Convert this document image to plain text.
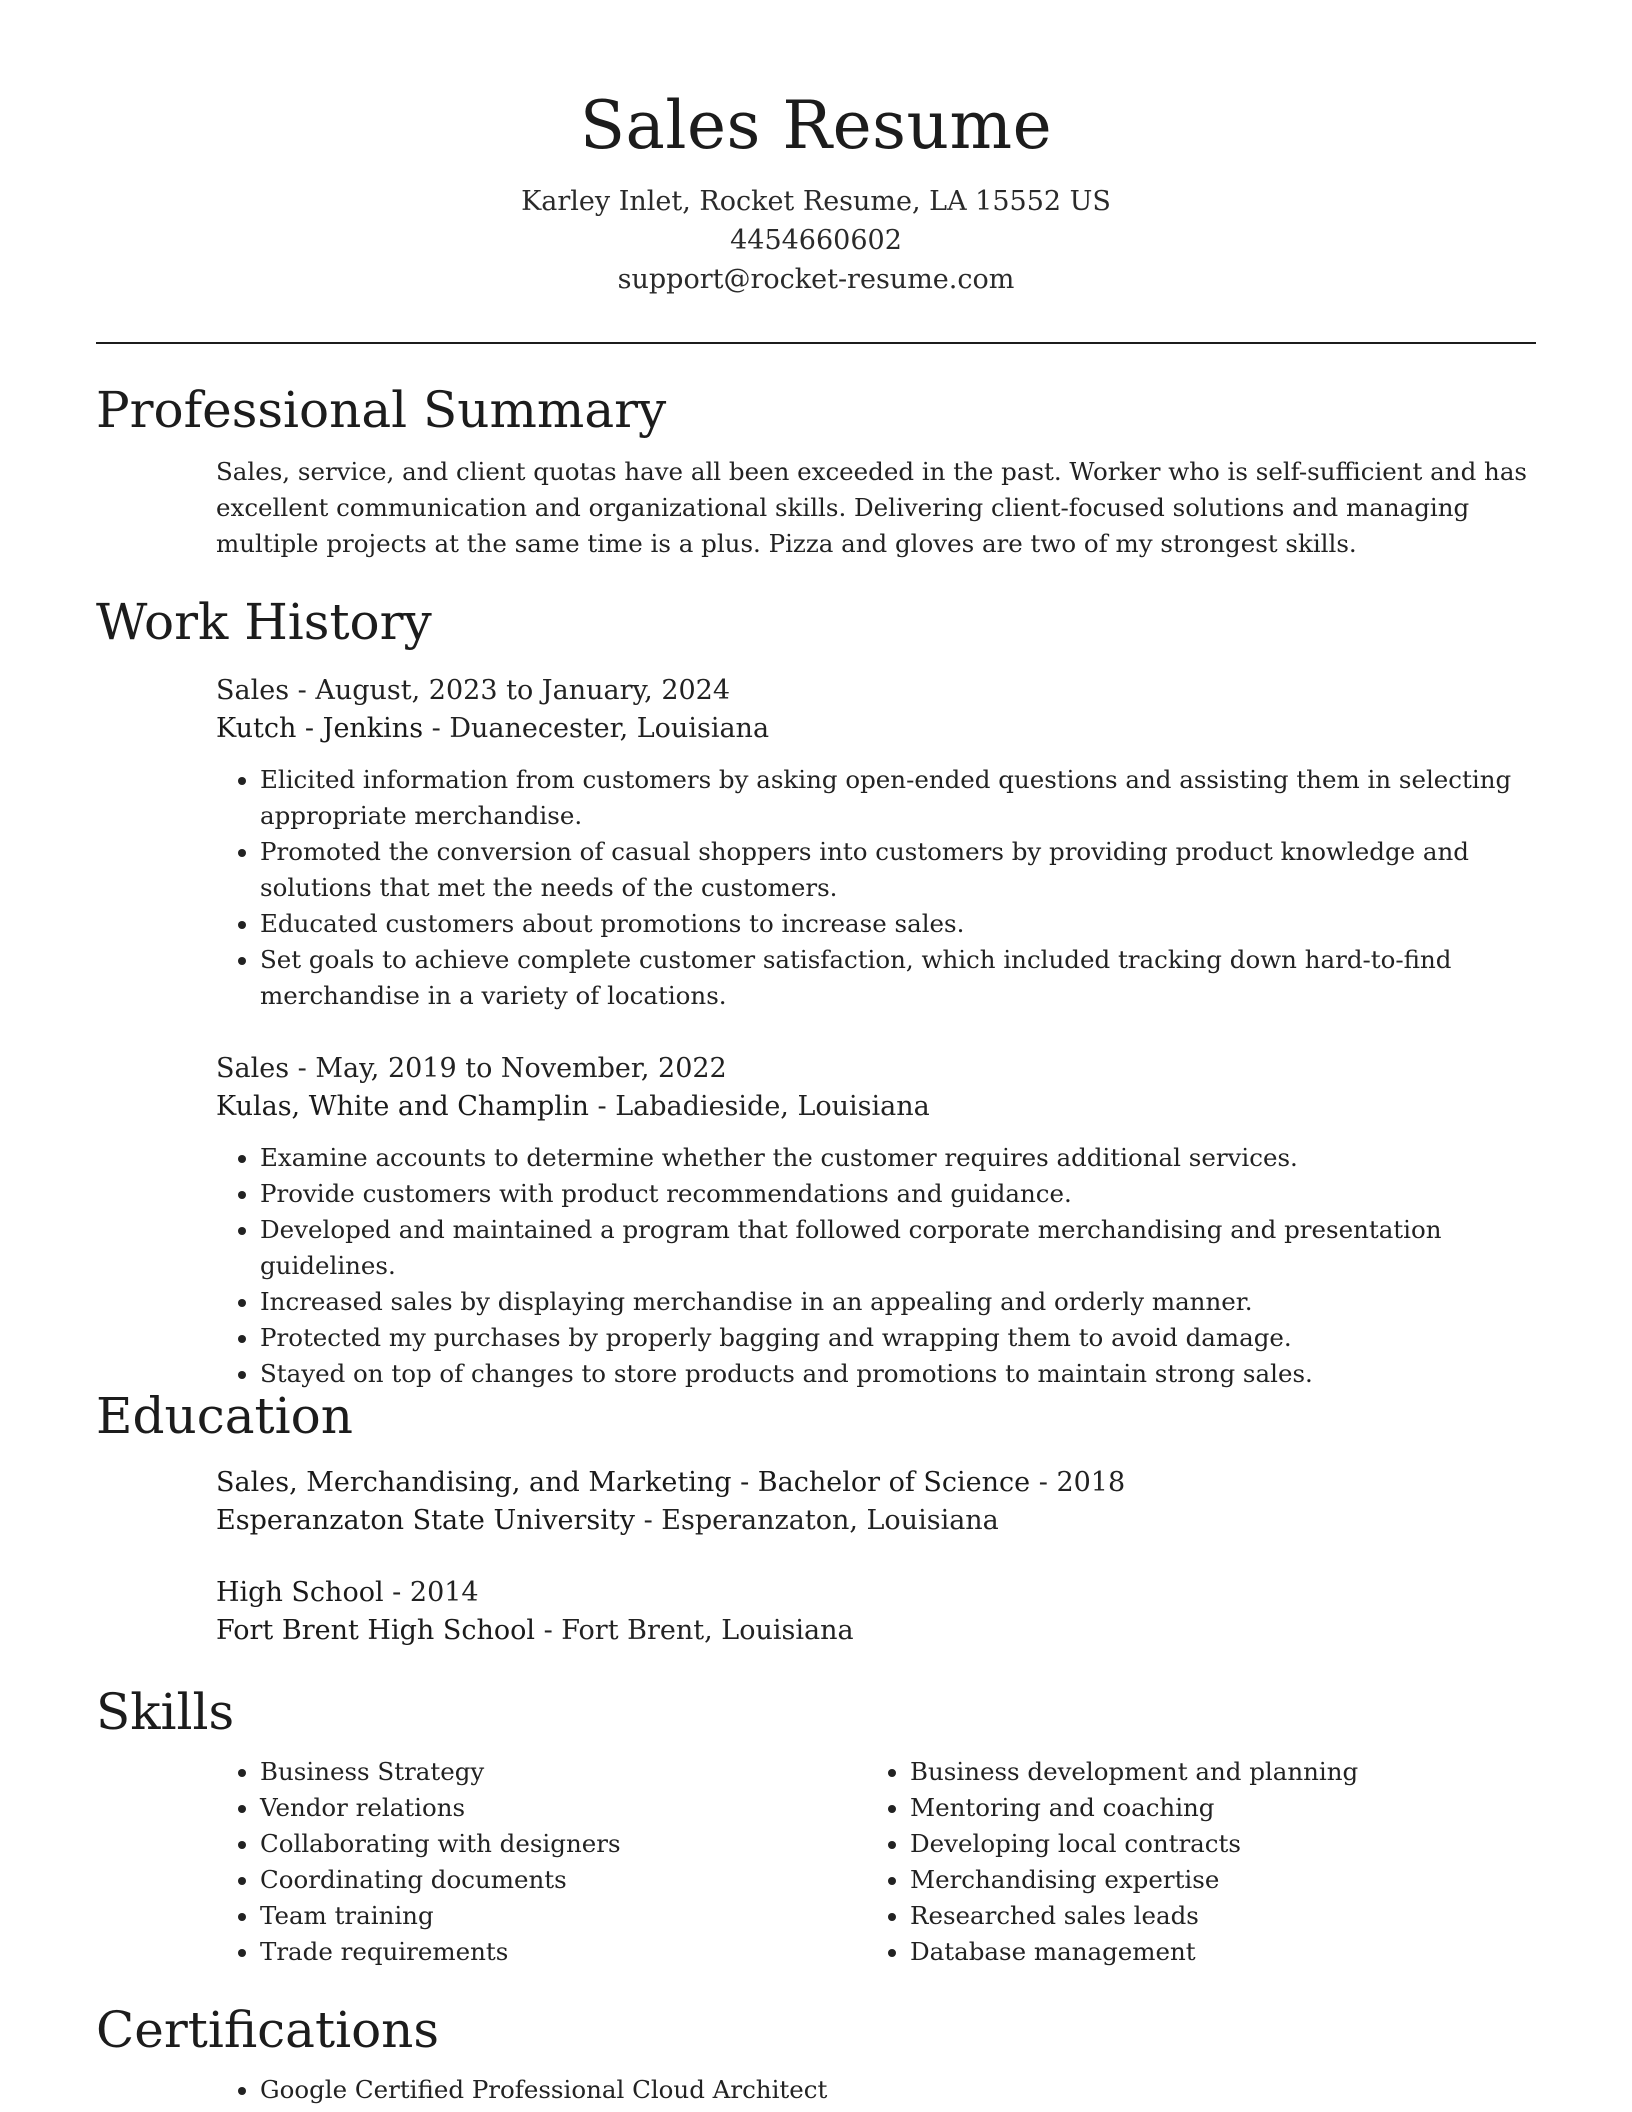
Sales Resume
Karley Inlet, Rocket Resume, LA 15552 US
4454660602
support@rocket-resume.com
Professional Summary
Sales, service, and client quotas have all been exceeded in the past. Worker who is self-sufficient and has excellent communication and organizational skills. Delivering client-focused solutions and managing multiple projects at the same time is a plus. Pizza and gloves are two of my strongest skills.
Work History
Sales - August, 2023 to January, 2024
Kutch - Jenkins - Duanecester, Louisiana
• Elicited information from customers by asking open-ended questions and assisting them in selecting appropriate merchandise.
• Promoted the conversion of casual shoppers into customers by providing product knowledge and solutions that met the needs of the customers.
• Educated customers about promotions to increase sales.
• Set goals to achieve complete customer satisfaction, which included tracking down hard-to-find merchandise in a variety of locations.
Sales - May, 2019 to November, 2022
Kulas, White and Champlin - Labadieside, Louisiana
• Examine accounts to determine whether the customer requires additional services.
• Provide customers with product recommendations and guidance.
• Developed and maintained a program that followed corporate merchandising and presentation guidelines.
• Increased sales by displaying merchandise in an appealing and orderly manner.
• Protected my purchases by properly bagging and wrapping them to avoid damage.
• Stayed on top of changes to store products and promotions to maintain strong sales.
Education
Sales, Merchandising, and Marketing - Bachelor of Science - 2018
Esperanzaton State University - Esperanzaton, Louisiana
High School - 2014
Fort Brent High School - Fort Brent, Louisiana
Skills
• Business Strategy
• Vendor relations
• Collaborating with designers
• Coordinating documents
• Team training
• Trade requirements
• Business development and planning
• Mentoring and coaching
• Developing local contracts
• Merchandising expertise
• Researched sales leads
• Database management
Certifications
• Google Certified Professional Cloud Architect
